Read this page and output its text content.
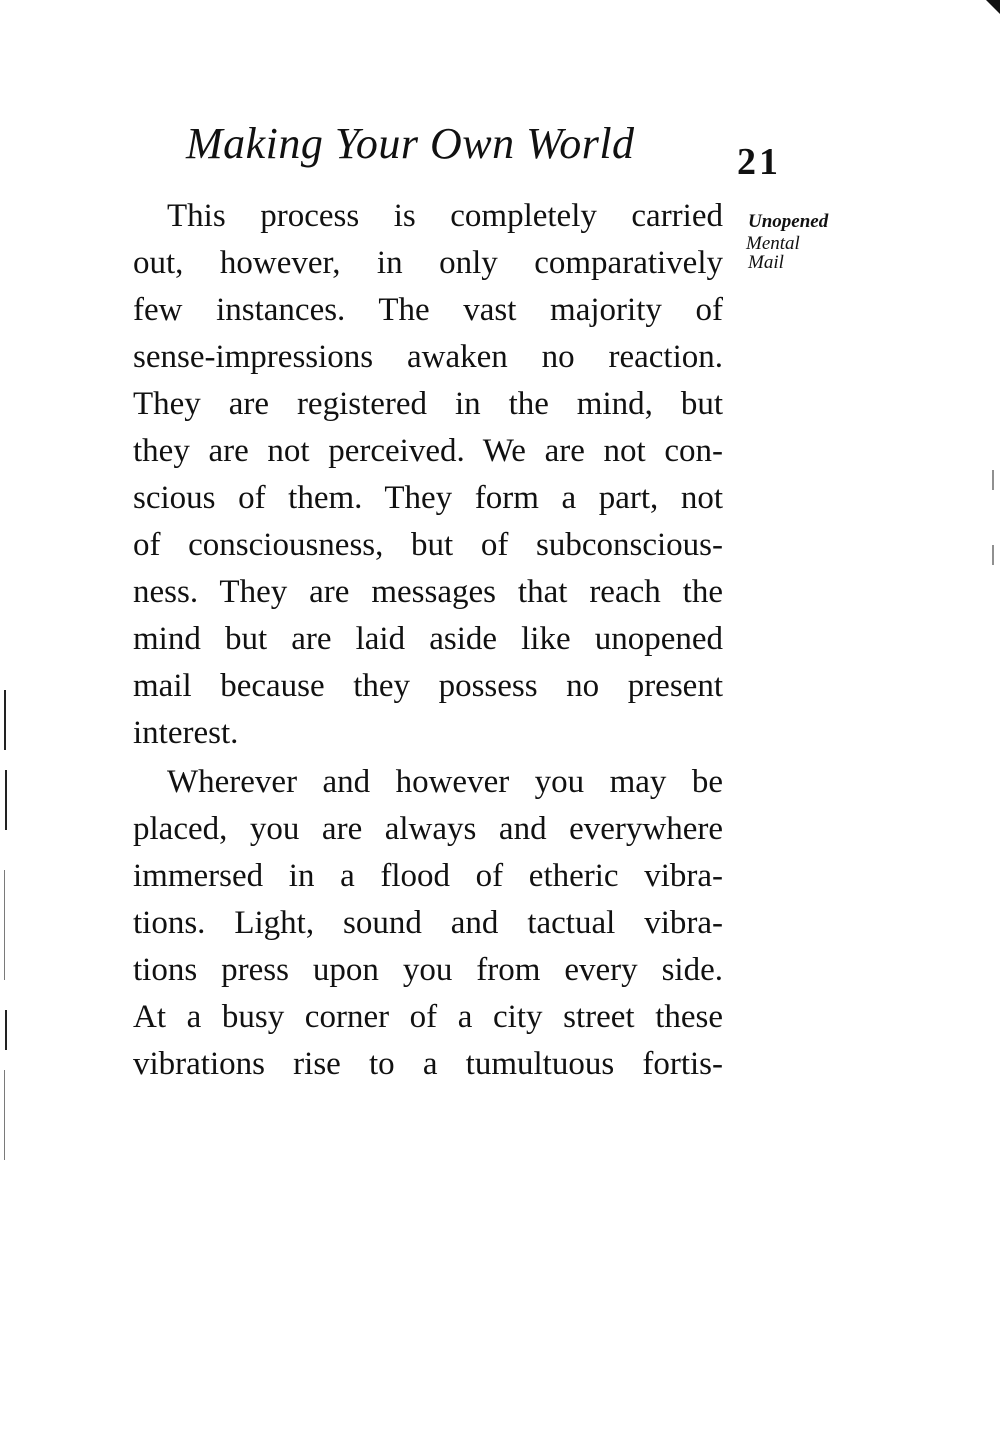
Making Your Own World	21
Unopened
Mental
Mail
This process is completely carried
out, however, in only comparatively
few instances. The vast majority of
sense-impressions awaken no reaction.
They are registered in the mind, but
they are not perceived. We are not con-
scious of them. They form a part, not
of consciousness, but of subconscious-
ness. They are messages that reach the
mind but are laid aside like unopened
mail because they possess no present
interest.
Wherever and however you may be
placed, you are always and everywhere
immersed in a flood of etheric vibra-
tions. Light, sound and tactual vibra-
tions press upon you from every side.
At a busy corner of a city street these
vibrations rise to a tumultuous fortis-
